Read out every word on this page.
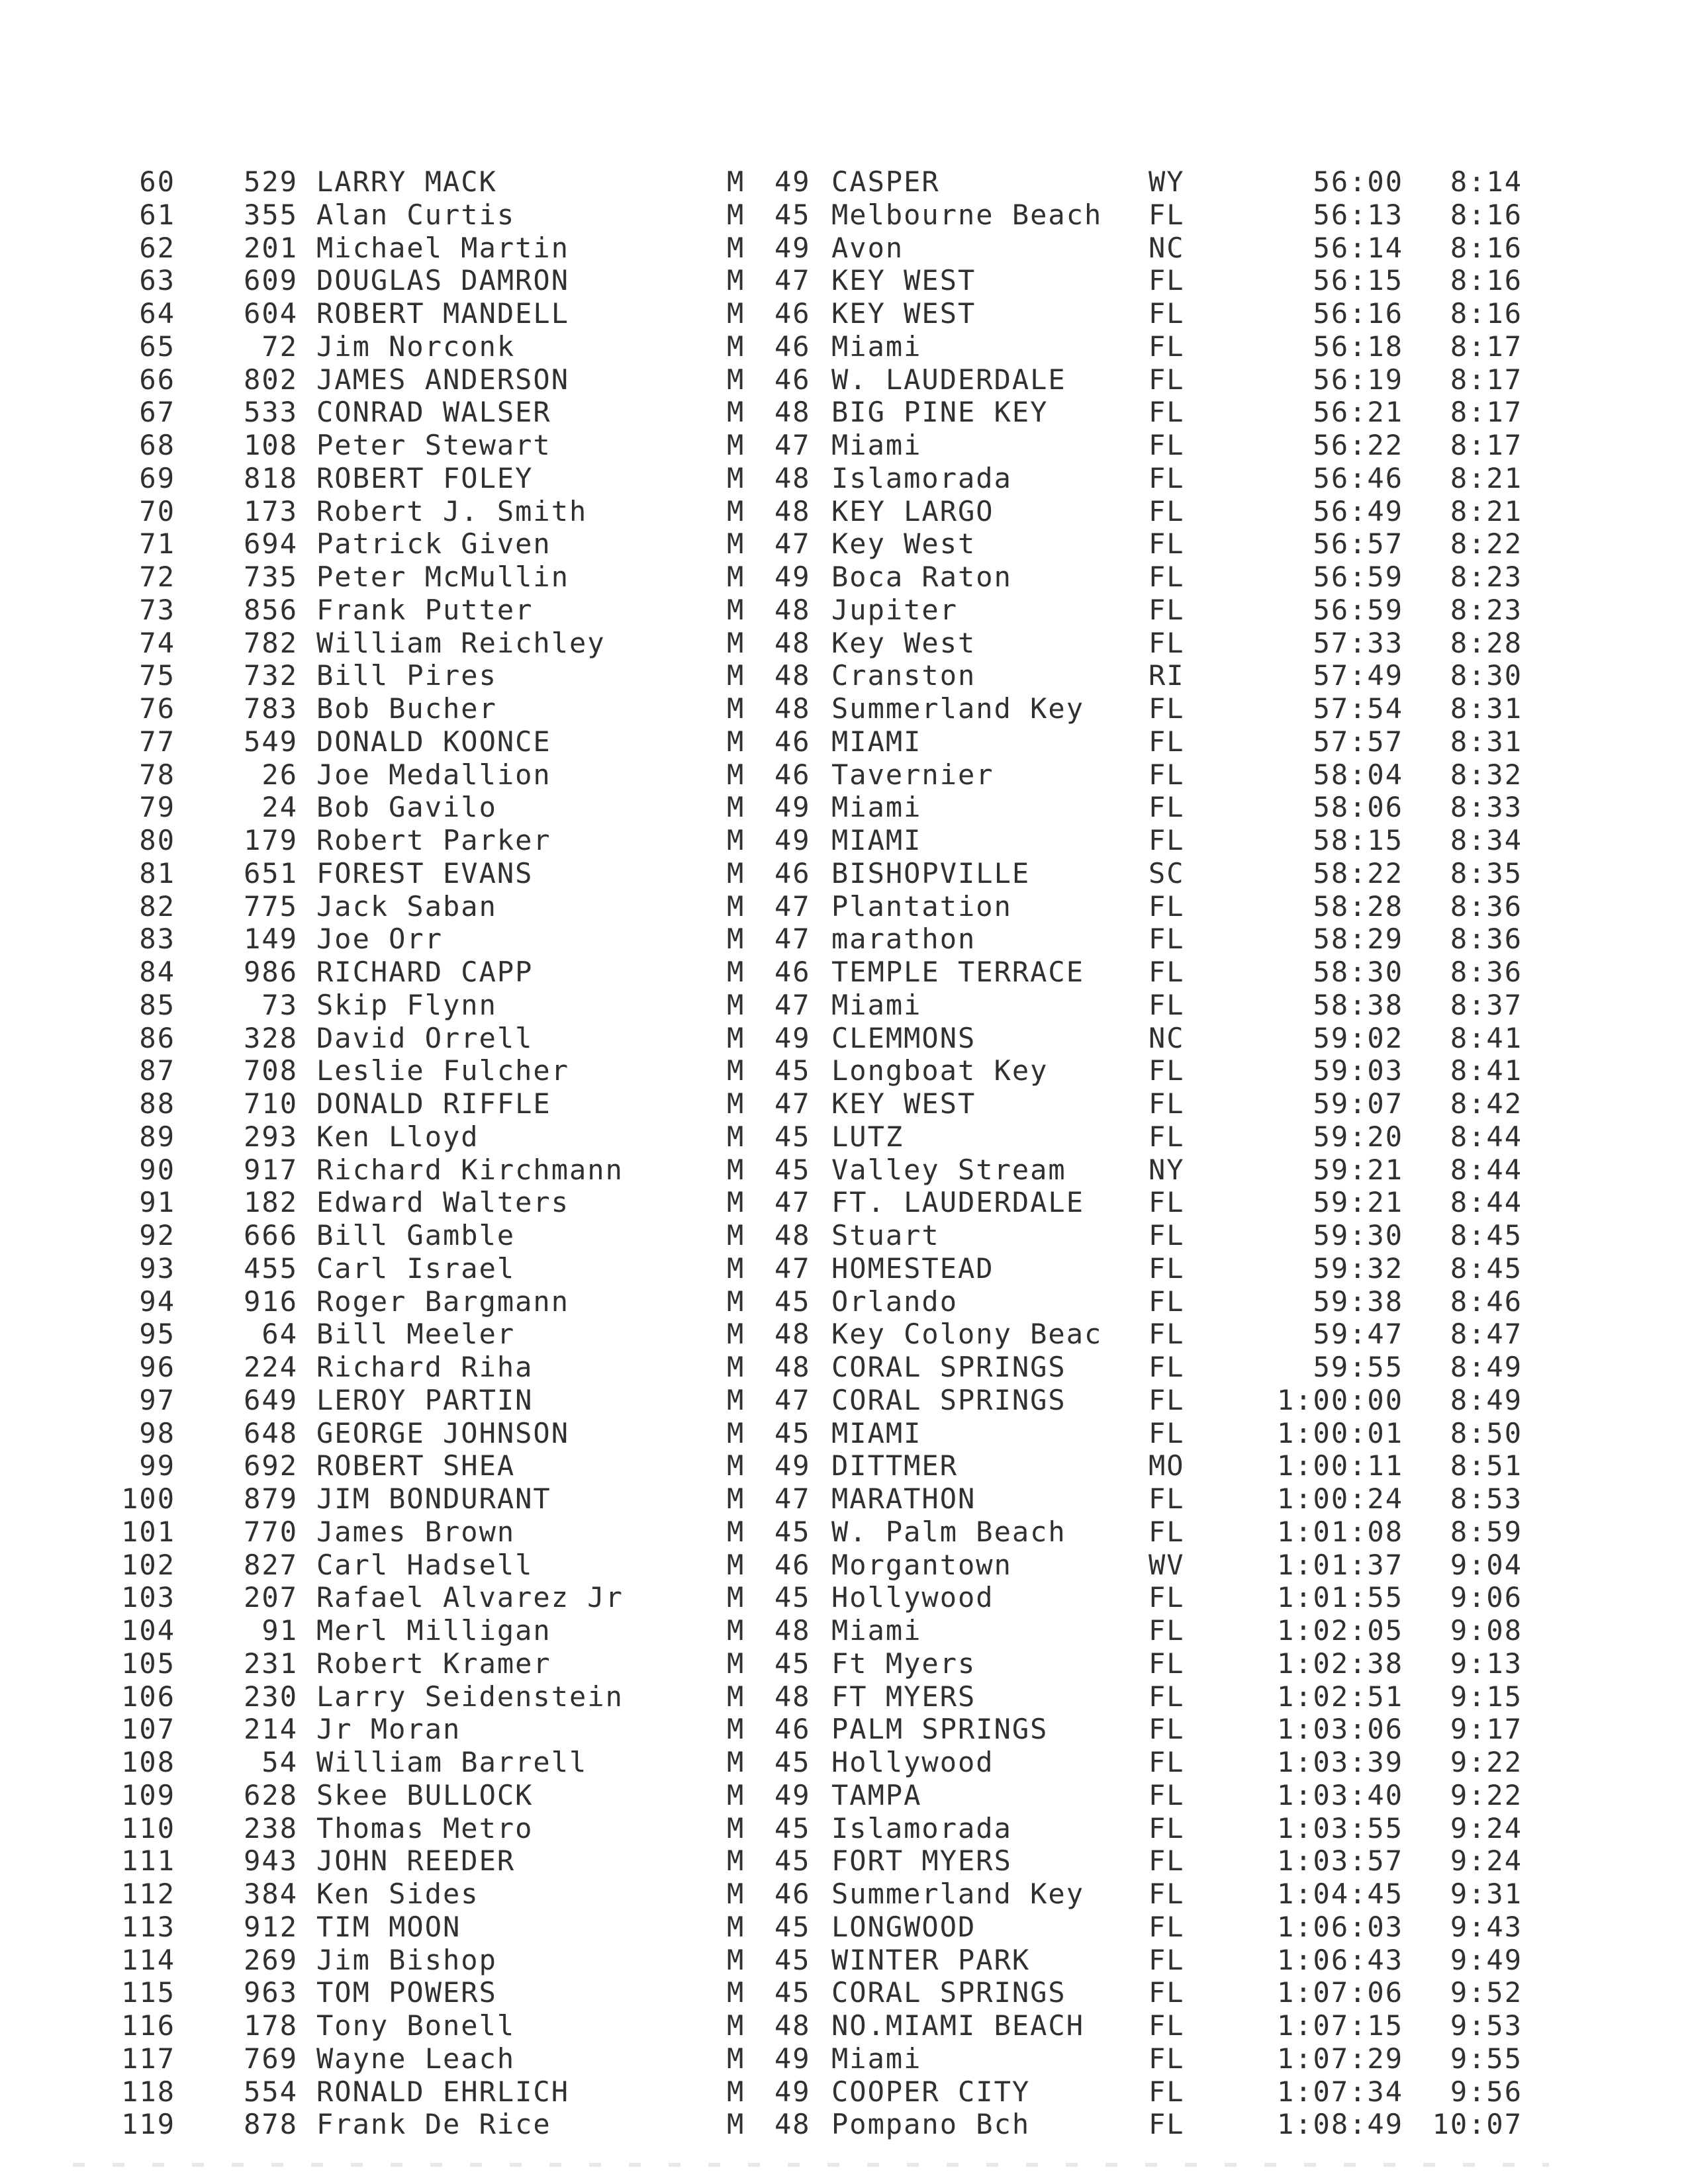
60	529 LARRY MACK	M 49 CASPER	WY	56:00	8:14
61	355 Alan Curtis	M 45 Melbourne Beach FL	56:13	8:16
62	201 Michael Martin	M 49 Avon	NC	56:14	8:16
63	609 DOUGLAS DAMRON	M 47 KEY WEST	FL	56:15	8:16
64	604 ROBERT MANDELL	M 46 KEY WEST	FL	56:16	8:16
65	72 Jim Norconk	M 46 Miami	FL	56:18	8:17
66	802 JAMES ANDERSON	M 46 W. LAUDERDALE	FL	56:19	8:17
67	533 CONRAD WALSER	M 48 BIG PINE KEY	FL	56:21	8:17
68	108 Peter Stewart	M 47 Miami	FL	56:22	8:17
69	818 ROBERT FOLEY	M 48 Islamorada	FL	56:46	8:21
70	173 Robert J. Smith	M 48 KEY LARGO	FL	56:49	8:21
71	694 Patrick Given	M 47 Key West	FL	56:57	8:22
72	735 Peter McMullin	M 49 Boca Raton	FL	56:59	8:23
73	856 Frank Putter	M 48 Jupiter	FL	56:59	8:23
74	782 William Reichley	M 48 Key West	FL	57:33	8:28
75	732 Bill Pires	M 48 Cranston	RI	57:49	8:30
76	783 Bob Bucher	M 48 Summerland Key FL	57:54	8:31
77	549 DONALD KOONCE	M 46 MIAMI	FL	57:57	8:31
78	26 Joe Medallion	M 46 Tavernier	FL	58:04	8:32
79	24 Bob Gavilo	M 49 Miami	FL	58:06	8:33
80	179 Robert Parker	M 49 MIAMI	FL	58:15	8:34
81	651 FOREST EVANS	M 46 BISHOPVILLE	SC	58:22	8:35
82	775 Jack Saban	M 47 Plantation	FL	58:28	8:36
83	149 Joe Orr	M 47 marathon	FL	58:29	8:36
84	986 RICHARD CAPP	M 46 TEMPLE TERRACE FL	58:30	8:36
85	73 Skip Flynn	M 47 Miami	FL	58:38	8:37
86	328 David Orrell	M 49 CLEMMONS	NC	59:02	8:41
87	708 Leslie Fulcher	M 45 Longboat Key	FL	59:03	8:41
88	710 DONALD RIFFLE	M 47 KEY WEST	FL	59:07	8:42
89	293 Ken Lloyd	M 45 LUTZ	FL	59:20	8:44
90	917 Richard Kirchmann	M 45 Valley Stream	NY	59:21	8:44
91	182 Edward Walters	M 47 FT. LAUDERDALE FL	59:21	8:44
92	666 Bill Gamble	M 48 Stuart	FL	59:30	8:45
93	455 Carl Israel	M 47 HOMESTEAD	FL	59:32	8:45
94	916 Roger Bargmann	M 45 Orlando	FL	59:38	8:46
95	64 Bill Meeler	M 48 Key Colony Beac FL	59:47	8:47
96	224 Richard Riha	M 48 CORAL SPRINGS	FL	59:55	8:49
97	649 LEROY PARTIN	M 47 CORAL SPRINGS	FL	1:00:00	8:49
98	648 GEORGE JOHNSON	M 45 MIAMI	FL	1:00:01	8:50
99	692 ROBERT SHEA	M 49 DITTMER	MO	1:00:11	8:51
100	879 JIM BONDURANT	M 47 MARATHON	FL	1:00:24	8:53
101	770 James Brown	M 45 W. Palm Beach	FL	1:01:08	8:59
102	827 Carl Hadsell	M 46 Morgantown	WV	1:01:37	9:04
103	207 Rafael Alvarez Jr	M 45 Hollywood	FL	1:01:55	9:06
104	91 Merl Milligan	M 48 Miami	FL	1:02:05	9:08
105	231 Robert Kramer	M 45 Ft Myers	FL	1:02:38	9:13
106	230 Larry Seidenstein	M 48 FT MYERS	FL	1:02:51	9:15
107	214 Jr Moran	M 46 PALM SPRINGS	FL	1:03:06	9:17
108	54 William Barrell	M 45 Hollywood	FL	1:03:39	9:22
109	628 Skee BULLOCK	M 49 TAMPA	FL	1:03:40	9:22
110	238 Thomas Metro	M 45 Islamorada	FL	1:03:55	9:24
111	943 JOHN REEDER	M 45 FORT MYERS	FL	1:03:57	9:24
112	384 Ken Sides	M 46 Summerland Key FL	1:04:45	9:31
113	912 TIM MOON	M 45 LONGWOOD	FL	1:06:03	9:43
114	269 Jim Bishop	M 45 WINTER PARK	FL	1:06:43	9:49
115	963 TOM POWERS	M 45 CORAL SPRINGS	FL	1:07:06	9:52
116	178 Tony Bonell	M 48 NO.MIAMI BEACH FL	1:07:15	9:53
117	769 Wayne Leach	M 49 Miami	FL	1:07:29	9:55
118	554 RONALD EHRLICH	M 49 COOPER CITY	FL	1:07:34	9:56
119	878 Frank De Rice	M 48 Pompano Bch	FL	1:08:49	10:07
